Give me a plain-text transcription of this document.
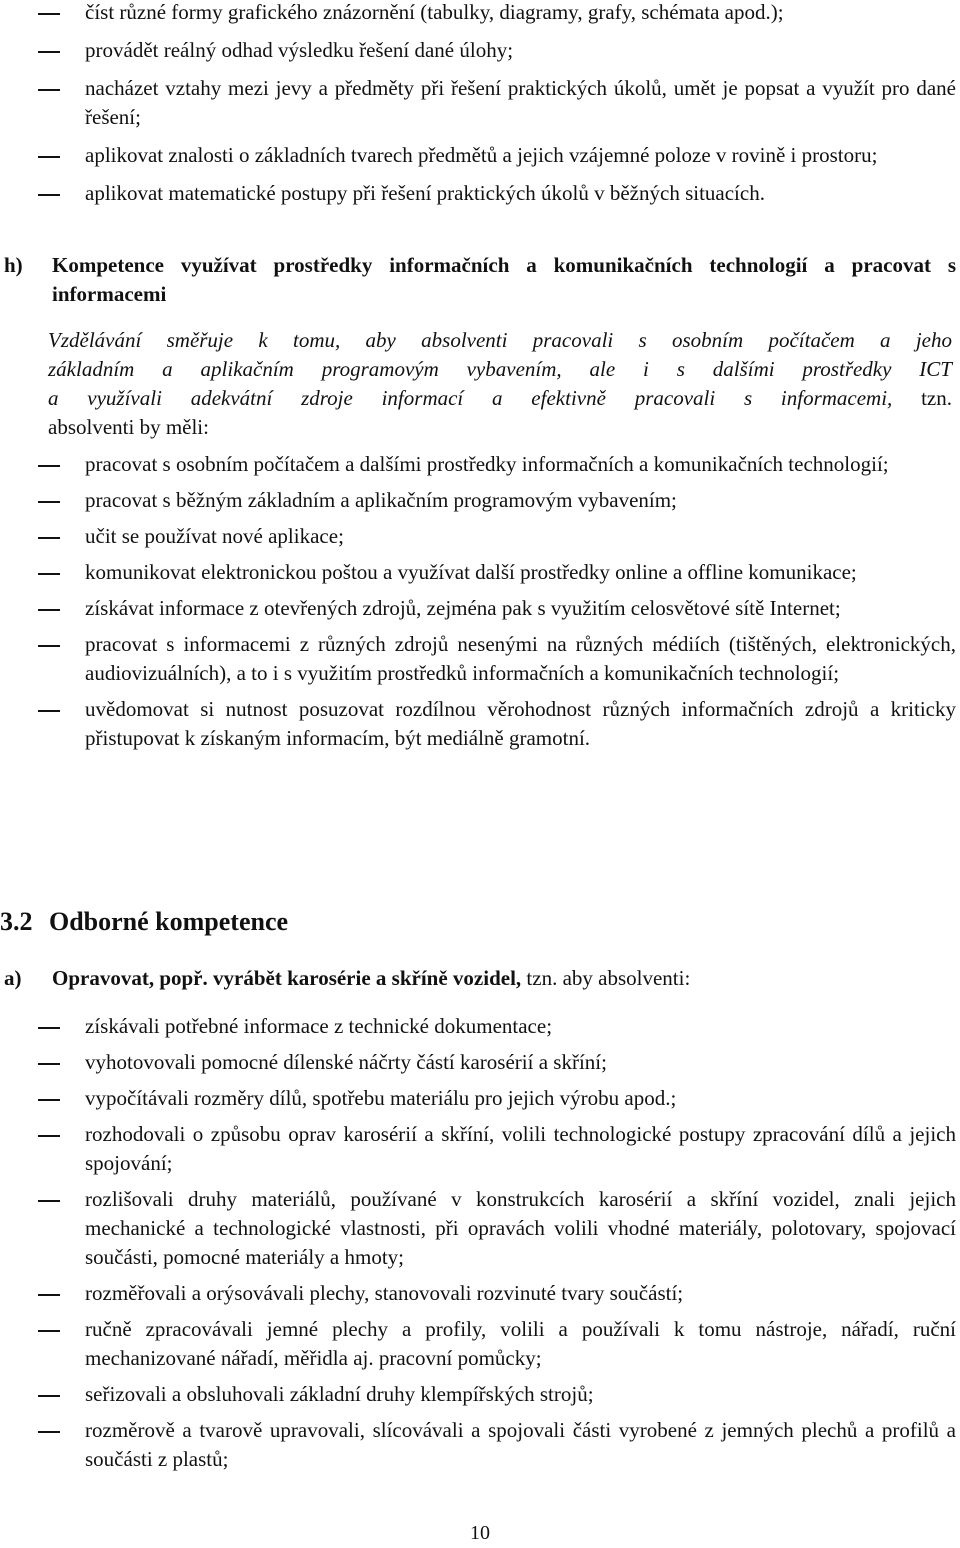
číst různé formy grafického znázornění (tabulky, diagramy, grafy, schémata apod.);
provádět reálný odhad výsledku řešení dané úlohy;
nacházet vztahy mezi jevy a předměty při řešení praktických úkolů, umět je popsat a využít pro dané řešení;
aplikovat znalosti o základních tvarech předmětů a jejich vzájemné poloze v rovině i prostoru;
aplikovat matematické postupy při řešení praktických úkolů v běžných situacích.
h)	Kompetence využívat prostředky informačních a komunikačních technologií a pracovat s informacemi
Vzdělávání směřuje k tomu, aby absolventi pracovali s osobním počítačem a jeho
základním a aplikačním programovým vybavením, ale i s dalšími prostředky ICT
a využívali adekvátní zdroje informací a efektivně pracovali s informacemi, tzn.
absolventi by měli:
pracovat s osobním počítačem a dalšími prostředky informačních a komunikačních technologií;
pracovat s běžným základním a aplikačním programovým vybavením;
učit se používat nové aplikace;
komunikovat elektronickou poštou a využívat další prostředky online a offline komunikace;
získávat informace z otevřených zdrojů, zejména pak s využitím celosvětové sítě Internet;
pracovat s informacemi z různých zdrojů nesenými na různých médiích (tištěných, elektronických, audiovizuálních), a to i s využitím prostředků informačních a komunikačních technologií;
uvědomovat si nutnost posuzovat rozdílnou věrohodnost různých informačních zdrojů a kriticky přistupovat k získaným informacím, být mediálně gramotní.
3.2 Odborné kompetence
a)	Opravovat, popř. vyrábět karosérie a skříně vozidel, tzn. aby absolventi:
získávali potřebné informace z technické dokumentace;
vyhotovovali pomocné dílenské náčrty částí karosérií a skříní;
vypočítávali rozměry dílů, spotřebu materiálu pro jejich výrobu apod.;
rozhodovali o způsobu oprav karosérií a skříní, volili technologické postupy zpracování dílů a jejich spojování;
rozlišovali druhy materiálů, používané v konstrukcích karosérií a skříní vozidel, znali jejich mechanické a technologické vlastnosti, při opravách volili vhodné materiály, polotovary, spojovací součásti, pomocné materiály a hmoty;
rozměřovali a orýsovávali plechy, stanovovali rozvinuté tvary součástí;
ručně zpracovávali jemné plechy a profily, volili a používali k tomu nástroje, nářadí, ruční mechanizované nářadí, měřidla aj. pracovní pomůcky;
seřizovali a obsluhovali základní druhy klempířských strojů;
rozměrově a tvarově upravovali, slícovávali a spojovali části vyrobené z jemných plechů a profilů a součásti z plastů;
10
